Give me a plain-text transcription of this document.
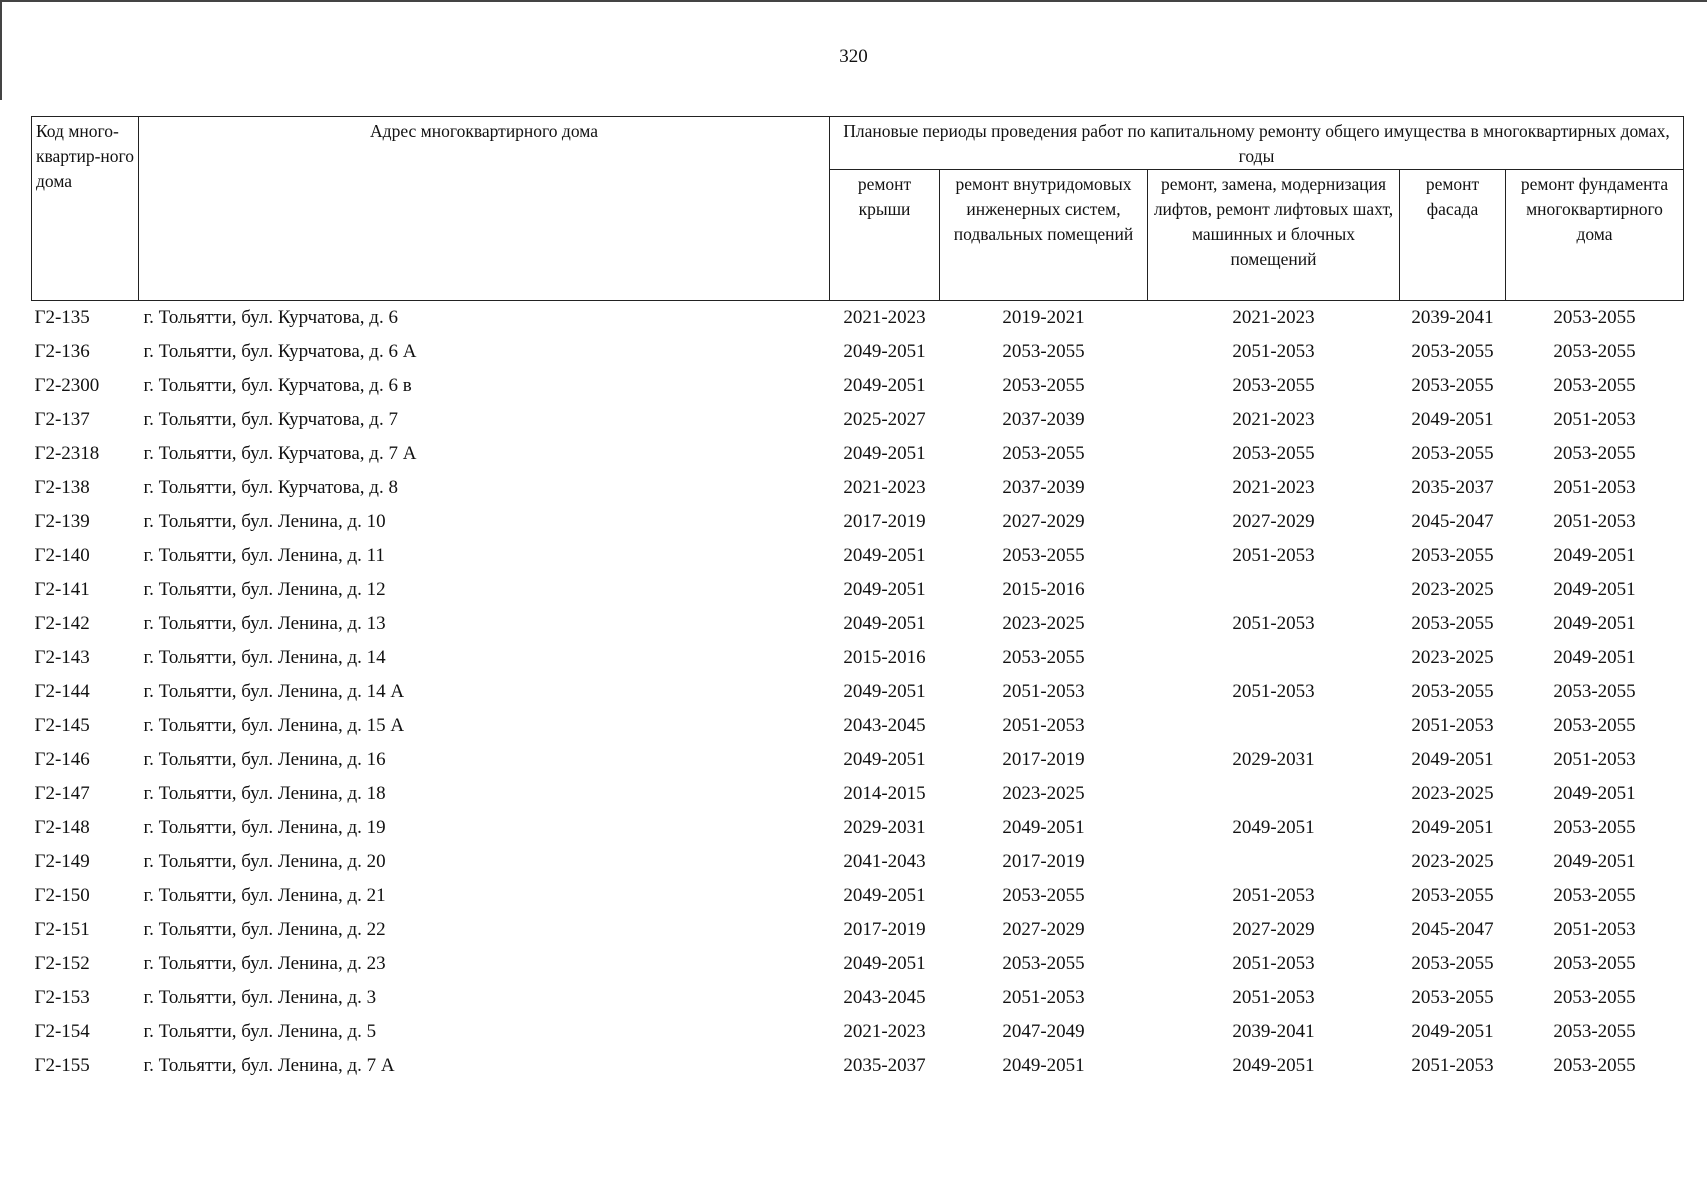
320
Код много-квартир-ного дома	Адрес многоквартирного дома	Плановые периоды проведения работ по капитальному ремонту общего имущества в многоквартирных домах, годы				
		ремонт крыши	ремонт внутридомовых инженерных систем, подвальных помещений	ремонт, замена, модернизация лифтов, ремонт лифтовых шахт, машинных и блочных помещений	ремонт фасада	ремонт фундамента многоквартирного дома
Г2-135	г. Тольятти, бул. Курчатова, д. 6	2021-2023	2019-2021	2021-2023	2039-2041	2053-2055
Г2-136	г. Тольятти, бул. Курчатова, д. 6 А	2049-2051	2053-2055	2051-2053	2053-2055	2053-2055
Г2-2300	г. Тольятти, бул. Курчатова, д. 6 в	2049-2051	2053-2055	2053-2055	2053-2055	2053-2055
Г2-137	г. Тольятти, бул. Курчатова, д. 7	2025-2027	2037-2039	2021-2023	2049-2051	2051-2053
Г2-2318	г. Тольятти, бул. Курчатова, д. 7 А	2049-2051	2053-2055	2053-2055	2053-2055	2053-2055
Г2-138	г. Тольятти, бул. Курчатова, д. 8	2021-2023	2037-2039	2021-2023	2035-2037	2051-2053
Г2-139	г. Тольятти, бул. Ленина, д. 10	2017-2019	2027-2029	2027-2029	2045-2047	2051-2053
Г2-140	г. Тольятти, бул. Ленина, д. 11	2049-2051	2053-2055	2051-2053	2053-2055	2049-2051
Г2-141	г. Тольятти, бул. Ленина, д. 12	2049-2051	2015-2016		2023-2025	2049-2051
Г2-142	г. Тольятти, бул. Ленина, д. 13	2049-2051	2023-2025	2051-2053	2053-2055	2049-2051
Г2-143	г. Тольятти, бул. Ленина, д. 14	2015-2016	2053-2055		2023-2025	2049-2051
Г2-144	г. Тольятти, бул. Ленина, д. 14 А	2049-2051	2051-2053	2051-2053	2053-2055	2053-2055
Г2-145	г. Тольятти, бул. Ленина, д. 15 А	2043-2045	2051-2053		2051-2053	2053-2055
Г2-146	г. Тольятти, бул. Ленина, д. 16	2049-2051	2017-2019	2029-2031	2049-2051	2051-2053
Г2-147	г. Тольятти, бул. Ленина, д. 18	2014-2015	2023-2025		2023-2025	2049-2051
Г2-148	г. Тольятти, бул. Ленина, д. 19	2029-2031	2049-2051	2049-2051	2049-2051	2053-2055
Г2-149	г. Тольятти, бул. Ленина, д. 20	2041-2043	2017-2019		2023-2025	2049-2051
Г2-150	г. Тольятти, бул. Ленина, д. 21	2049-2051	2053-2055	2051-2053	2053-2055	2053-2055
Г2-151	г. Тольятти, бул. Ленина, д. 22	2017-2019	2027-2029	2027-2029	2045-2047	2051-2053
Г2-152	г. Тольятти, бул. Ленина, д. 23	2049-2051	2053-2055	2051-2053	2053-2055	2053-2055
Г2-153	г. Тольятти, бул. Ленина, д. 3	2043-2045	2051-2053	2051-2053	2053-2055	2053-2055
Г2-154	г. Тольятти, бул. Ленина, д. 5	2021-2023	2047-2049	2039-2041	2049-2051	2053-2055
Г2-155	г. Тольятти, бул. Ленина, д. 7 А	2035-2037	2049-2051	2049-2051	2051-2053	2053-2055
